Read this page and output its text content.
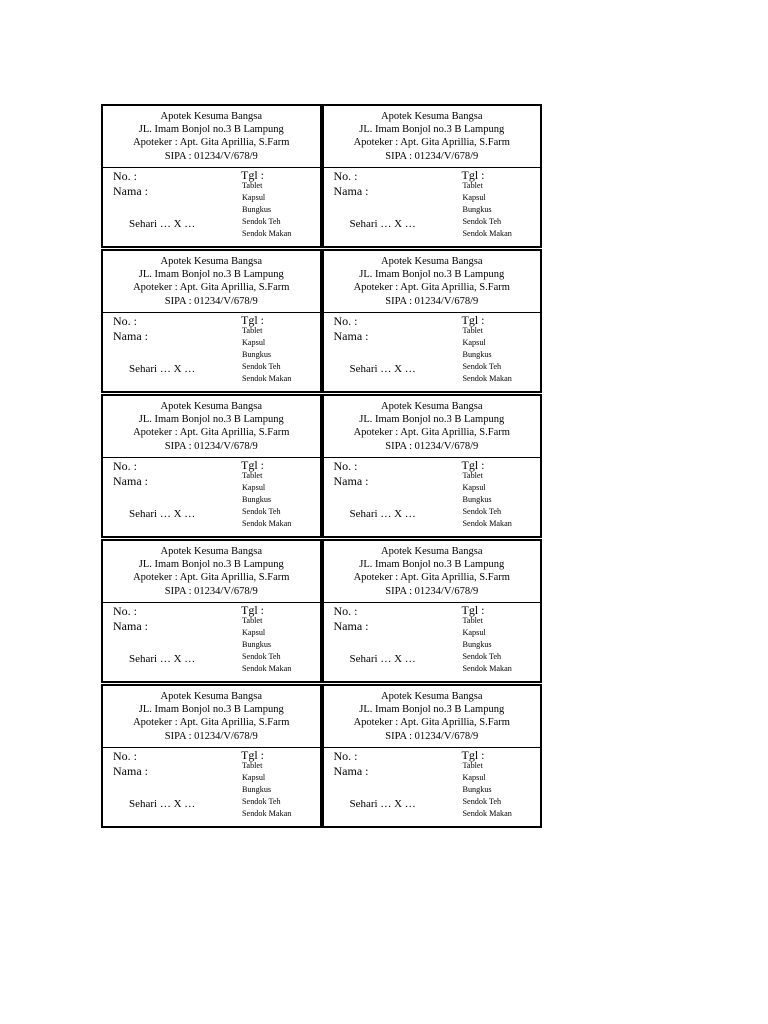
Apotek Kesuma Bangsa
JL. Imam Bonjol no.3 B Lampung
Apoteker : Apt. Gita Aprillia, S.Farm
SIPA : 01234/V/678/9
No. :
Nama :
Sehari … X …
Tgl :
Tablet
Kapsul
Bungkus
Sendok Teh
Sendok Makan
Apotek Kesuma Bangsa
JL. Imam Bonjol no.3 B Lampung
Apoteker : Apt. Gita Aprillia, S.Farm
SIPA : 01234/V/678/9
No. :
Nama :
Sehari … X …
Tgl :
Tablet
Kapsul
Bungkus
Sendok Teh
Sendok Makan
Apotek Kesuma Bangsa
JL. Imam Bonjol no.3 B Lampung
Apoteker : Apt. Gita Aprillia, S.Farm
SIPA : 01234/V/678/9
No. :
Nama :
Sehari … X …
Tgl :
Tablet
Kapsul
Bungkus
Sendok Teh
Sendok Makan
Apotek Kesuma Bangsa
JL. Imam Bonjol no.3 B Lampung
Apoteker : Apt. Gita Aprillia, S.Farm
SIPA : 01234/V/678/9
No. :
Nama :
Sehari … X …
Tgl :
Tablet
Kapsul
Bungkus
Sendok Teh
Sendok Makan
Apotek Kesuma Bangsa
JL. Imam Bonjol no.3 B Lampung
Apoteker : Apt. Gita Aprillia, S.Farm
SIPA : 01234/V/678/9
No. :
Nama :
Sehari … X …
Tgl :
Tablet
Kapsul
Bungkus
Sendok Teh
Sendok Makan
Apotek Kesuma Bangsa
JL. Imam Bonjol no.3 B Lampung
Apoteker : Apt. Gita Aprillia, S.Farm
SIPA : 01234/V/678/9
No. :
Nama :
Sehari … X …
Tgl :
Tablet
Kapsul
Bungkus
Sendok Teh
Sendok Makan
Apotek Kesuma Bangsa
JL. Imam Bonjol no.3 B Lampung
Apoteker : Apt. Gita Aprillia, S.Farm
SIPA : 01234/V/678/9
No. :
Nama :
Sehari … X …
Tgl :
Tablet
Kapsul
Bungkus
Sendok Teh
Sendok Makan
Apotek Kesuma Bangsa
JL. Imam Bonjol no.3 B Lampung
Apoteker : Apt. Gita Aprillia, S.Farm
SIPA : 01234/V/678/9
No. :
Nama :
Sehari … X …
Tgl :
Tablet
Kapsul
Bungkus
Sendok Teh
Sendok Makan
Apotek Kesuma Bangsa
JL. Imam Bonjol no.3 B Lampung
Apoteker : Apt. Gita Aprillia, S.Farm
SIPA : 01234/V/678/9
No. :
Nama :
Sehari … X …
Tgl :
Tablet
Kapsul
Bungkus
Sendok Teh
Sendok Makan
Apotek Kesuma Bangsa
JL. Imam Bonjol no.3 B Lampung
Apoteker : Apt. Gita Aprillia, S.Farm
SIPA : 01234/V/678/9
No. :
Nama :
Sehari … X …
Tgl :
Tablet
Kapsul
Bungkus
Sendok Teh
Sendok Makan
